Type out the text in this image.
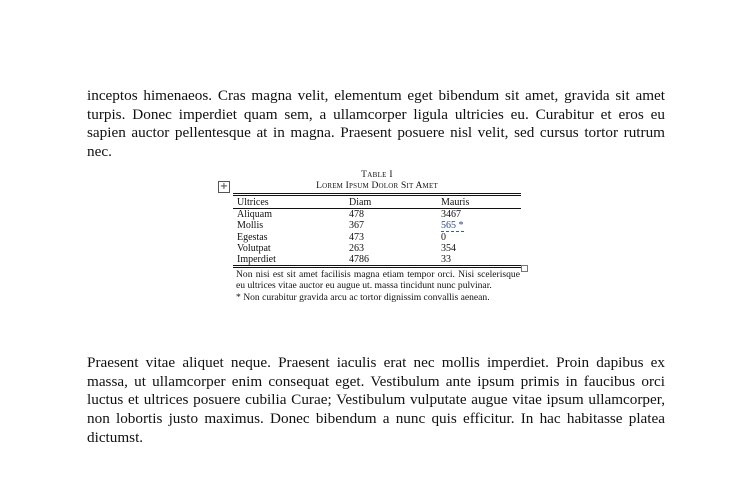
inceptos himenaeos. Cras magna velit, elementum eget bibendum sit amet, gravida sit amet turpis. Donec imperdiet quam sem, a ullamcorper ligula ultricies eu. Curabitur et eros eu sapien auctor pellentesque at in magna. Praesent posuere nisl velit, sed cursus tortor rutrum nec.

+
Table I
Lorem Ipsum Dolor Sit Amet
Ultrices	Diam	Mauris
Aliquam	478	3467
Mollis	367	565 *
Egestas	473	0
Volutpat	263	354
Imperdiet	4786	33

Non nisi est sit amet facilisis magna etiam tempor orci. Nisi scelerisque eu ultrices vitae auctor eu augue ut. massa tincidunt nunc pulvinar.

* Non curabitur gravida arcu ac tortor dignissim convallis aenean.

Praesent vitae aliquet neque. Praesent iaculis erat nec mollis imperdiet. Proin dapibus ex massa, ut ullamcorper enim consequat eget. Vestibulum ante ipsum primis in faucibus orci luctus et ultrices posuere cubilia Curae; Vestibulum vulputate augue vitae ipsum ullamcorper, non lobortis justo maximus. Donec bibendum a nunc quis efficitur. In hac habitasse platea dictumst.
